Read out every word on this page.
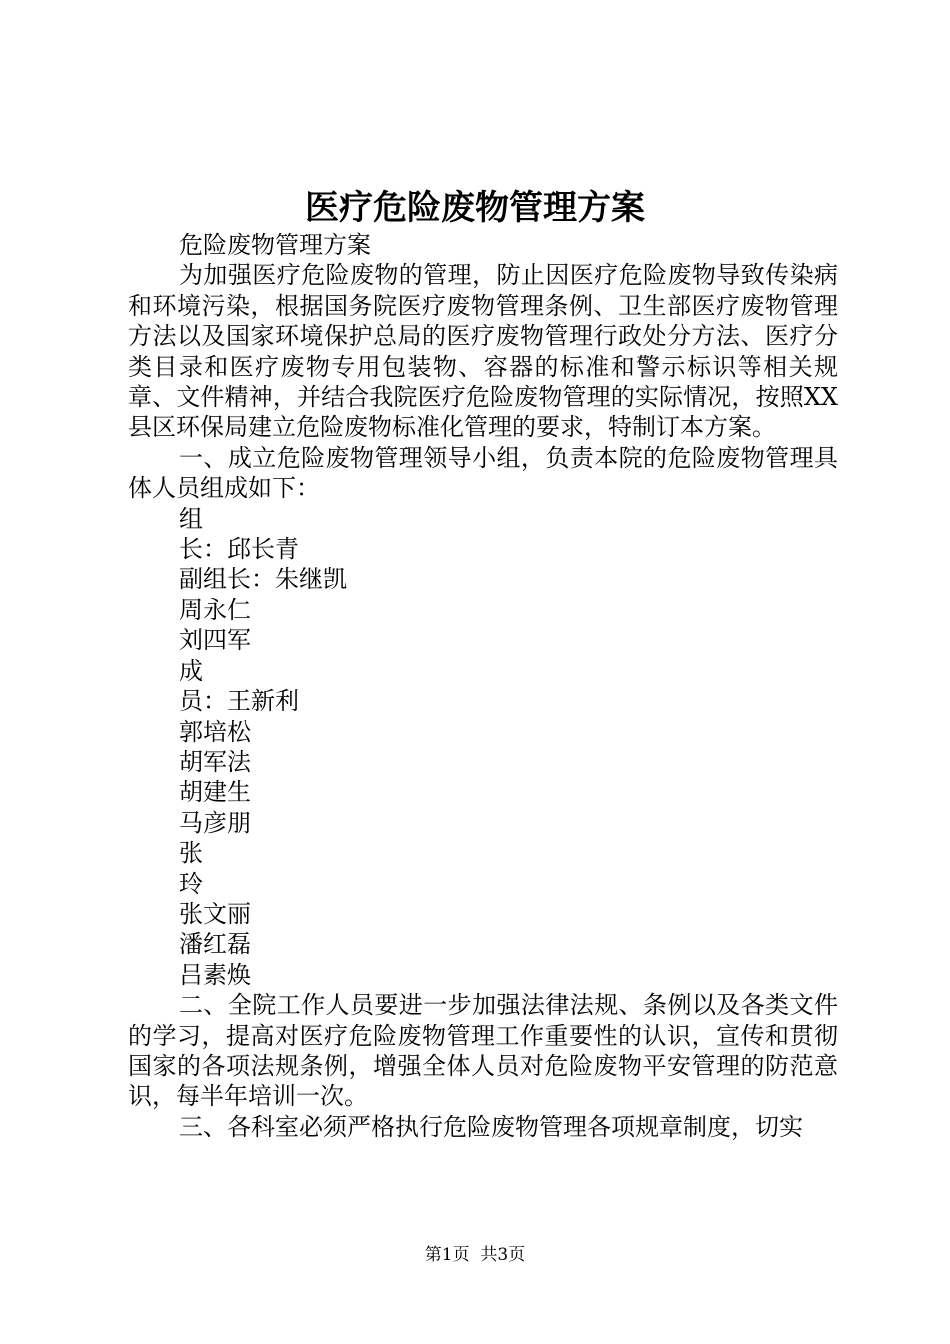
医疗危险废物管理方案

危险废物管理方案

为加强医疗危险废物的管理，防止因医疗危险废物导致传染病和环境污染，根据国务院医疗废物管理条例、卫生部医疗废物管理方法以及国家环境保护总局的医疗废物管理行政处分方法、医疗分类目录和医疗废物专用包装物、容器的标准和警示标识等相关规章、文件精神，并结合我院医疗危险废物管理的实际情况，按照XX县区环保局建立危险废物标准化管理的要求，特制订本方案。

一、成立危险废物管理领导小组，负责本院的危险废物管理具体人员组成如下：

组

长：邱长青

副组长：朱继凯

周永仁

刘四军

成

员：王新利

郭培松

胡军法

胡建生

马彦朋

张

玲

张文丽

潘红磊

吕素焕

二、全院工作人员要进一步加强法律法规、条例以及各类文件的学习，提高对医疗危险废物管理工作重要性的认识，宣传和贯彻国家的各项法规条例，增强全体人员对危险废物平安管理的防范意识，每半年培训一次。

三、各科室必须严格执行危险废物管理各项规章制度，切实

第1页 共3页
